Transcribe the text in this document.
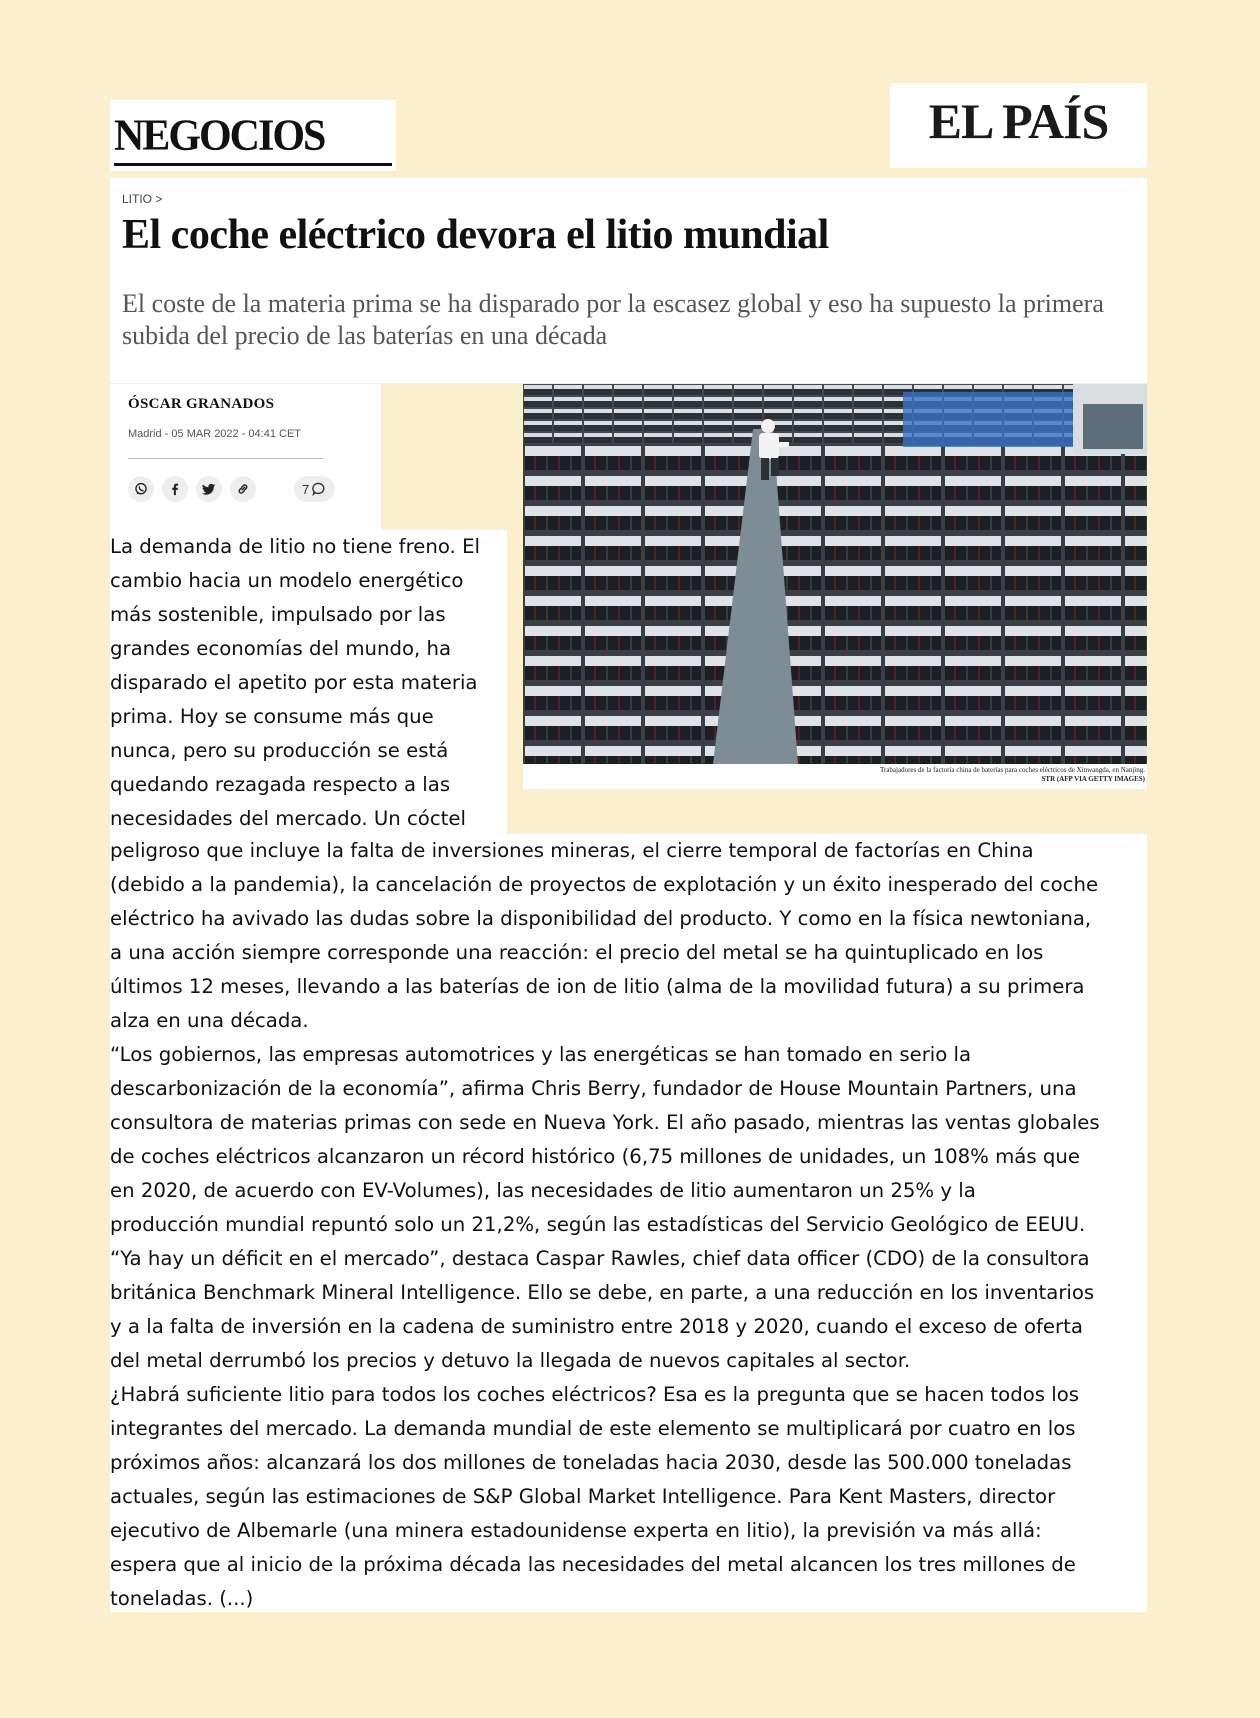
NEGOCIOS	EL PAÍS
LITIO >
El coche eléctrico devora el litio mundial

El coste de la materia prima se ha disparado por la escasez global y eso ha supuesto la primera subida del precio de las baterías en una década

ÓSCAR GRANADOS
Madrid - 05 MAR 2022 - 04:41 CET
7
Trabajadores de la factoría china de baterías para coches eléctricos de Xinwangda, en Nanjing.
STR (AFP VIA GETTY IMAGES)

La demanda de litio no tiene freno. El
cambio hacia un modelo energético
más sostenible, impulsado por las
grandes economías del mundo, ha
disparado el apetito por esta materia
prima. Hoy se consume más que
nunca, pero su producción se está
quedando rezagada respecto a las
necesidades del mercado. Un cóctel

peligroso que incluye la falta de inversiones mineras, el cierre temporal de factorías en China
(debido a la pandemia), la cancelación de proyectos de explotación y un éxito inesperado del coche
eléctrico ha avivado las dudas sobre la disponibilidad del producto. Y como en la física newtoniana,
a una acción siempre corresponde una reacción: el precio del metal se ha quintuplicado en los
últimos 12 meses, llevando a las baterías de ion de litio (alma de la movilidad futura) a su primera
alza en una década.
“Los gobiernos, las empresas automotrices y las energéticas se han tomado en serio la
descarbonización de la economía”, afirma Chris Berry, fundador de House Mountain Partners, una
consultora de materias primas con sede en Nueva York. El año pasado, mientras las ventas globales
de coches eléctricos alcanzaron un récord histórico (6,75 millones de unidades, un 108% más que
en 2020, de acuerdo con EV-Volumes), las necesidades de litio aumentaron un 25% y la
producción mundial repuntó solo un 21,2%, según las estadísticas del Servicio Geológico de EEUU.
“Ya hay un déficit en el mercado”, destaca Caspar Rawles, chief data officer (CDO) de la consultora
británica Benchmark Mineral Intelligence. Ello se debe, en parte, a una reducción en los inventarios
y a la falta de inversión en la cadena de suministro entre 2018 y 2020, cuando el exceso de oferta
del metal derrumbó los precios y detuvo la llegada de nuevos capitales al sector.
¿Habrá suficiente litio para todos los coches eléctricos? Esa es la pregunta que se hacen todos los
integrantes del mercado. La demanda mundial de este elemento se multiplicará por cuatro en los
próximos años: alcanzará los dos millones de toneladas hacia 2030, desde las 500.000 toneladas
actuales, según las estimaciones de S&P Global Market Intelligence. Para Kent Masters, director
ejecutivo de Albemarle (una minera estadounidense experta en litio), la previsión va más allá:
espera que al inicio de la próxima década las necesidades del metal alcancen los tres millones de
toneladas. (...)
